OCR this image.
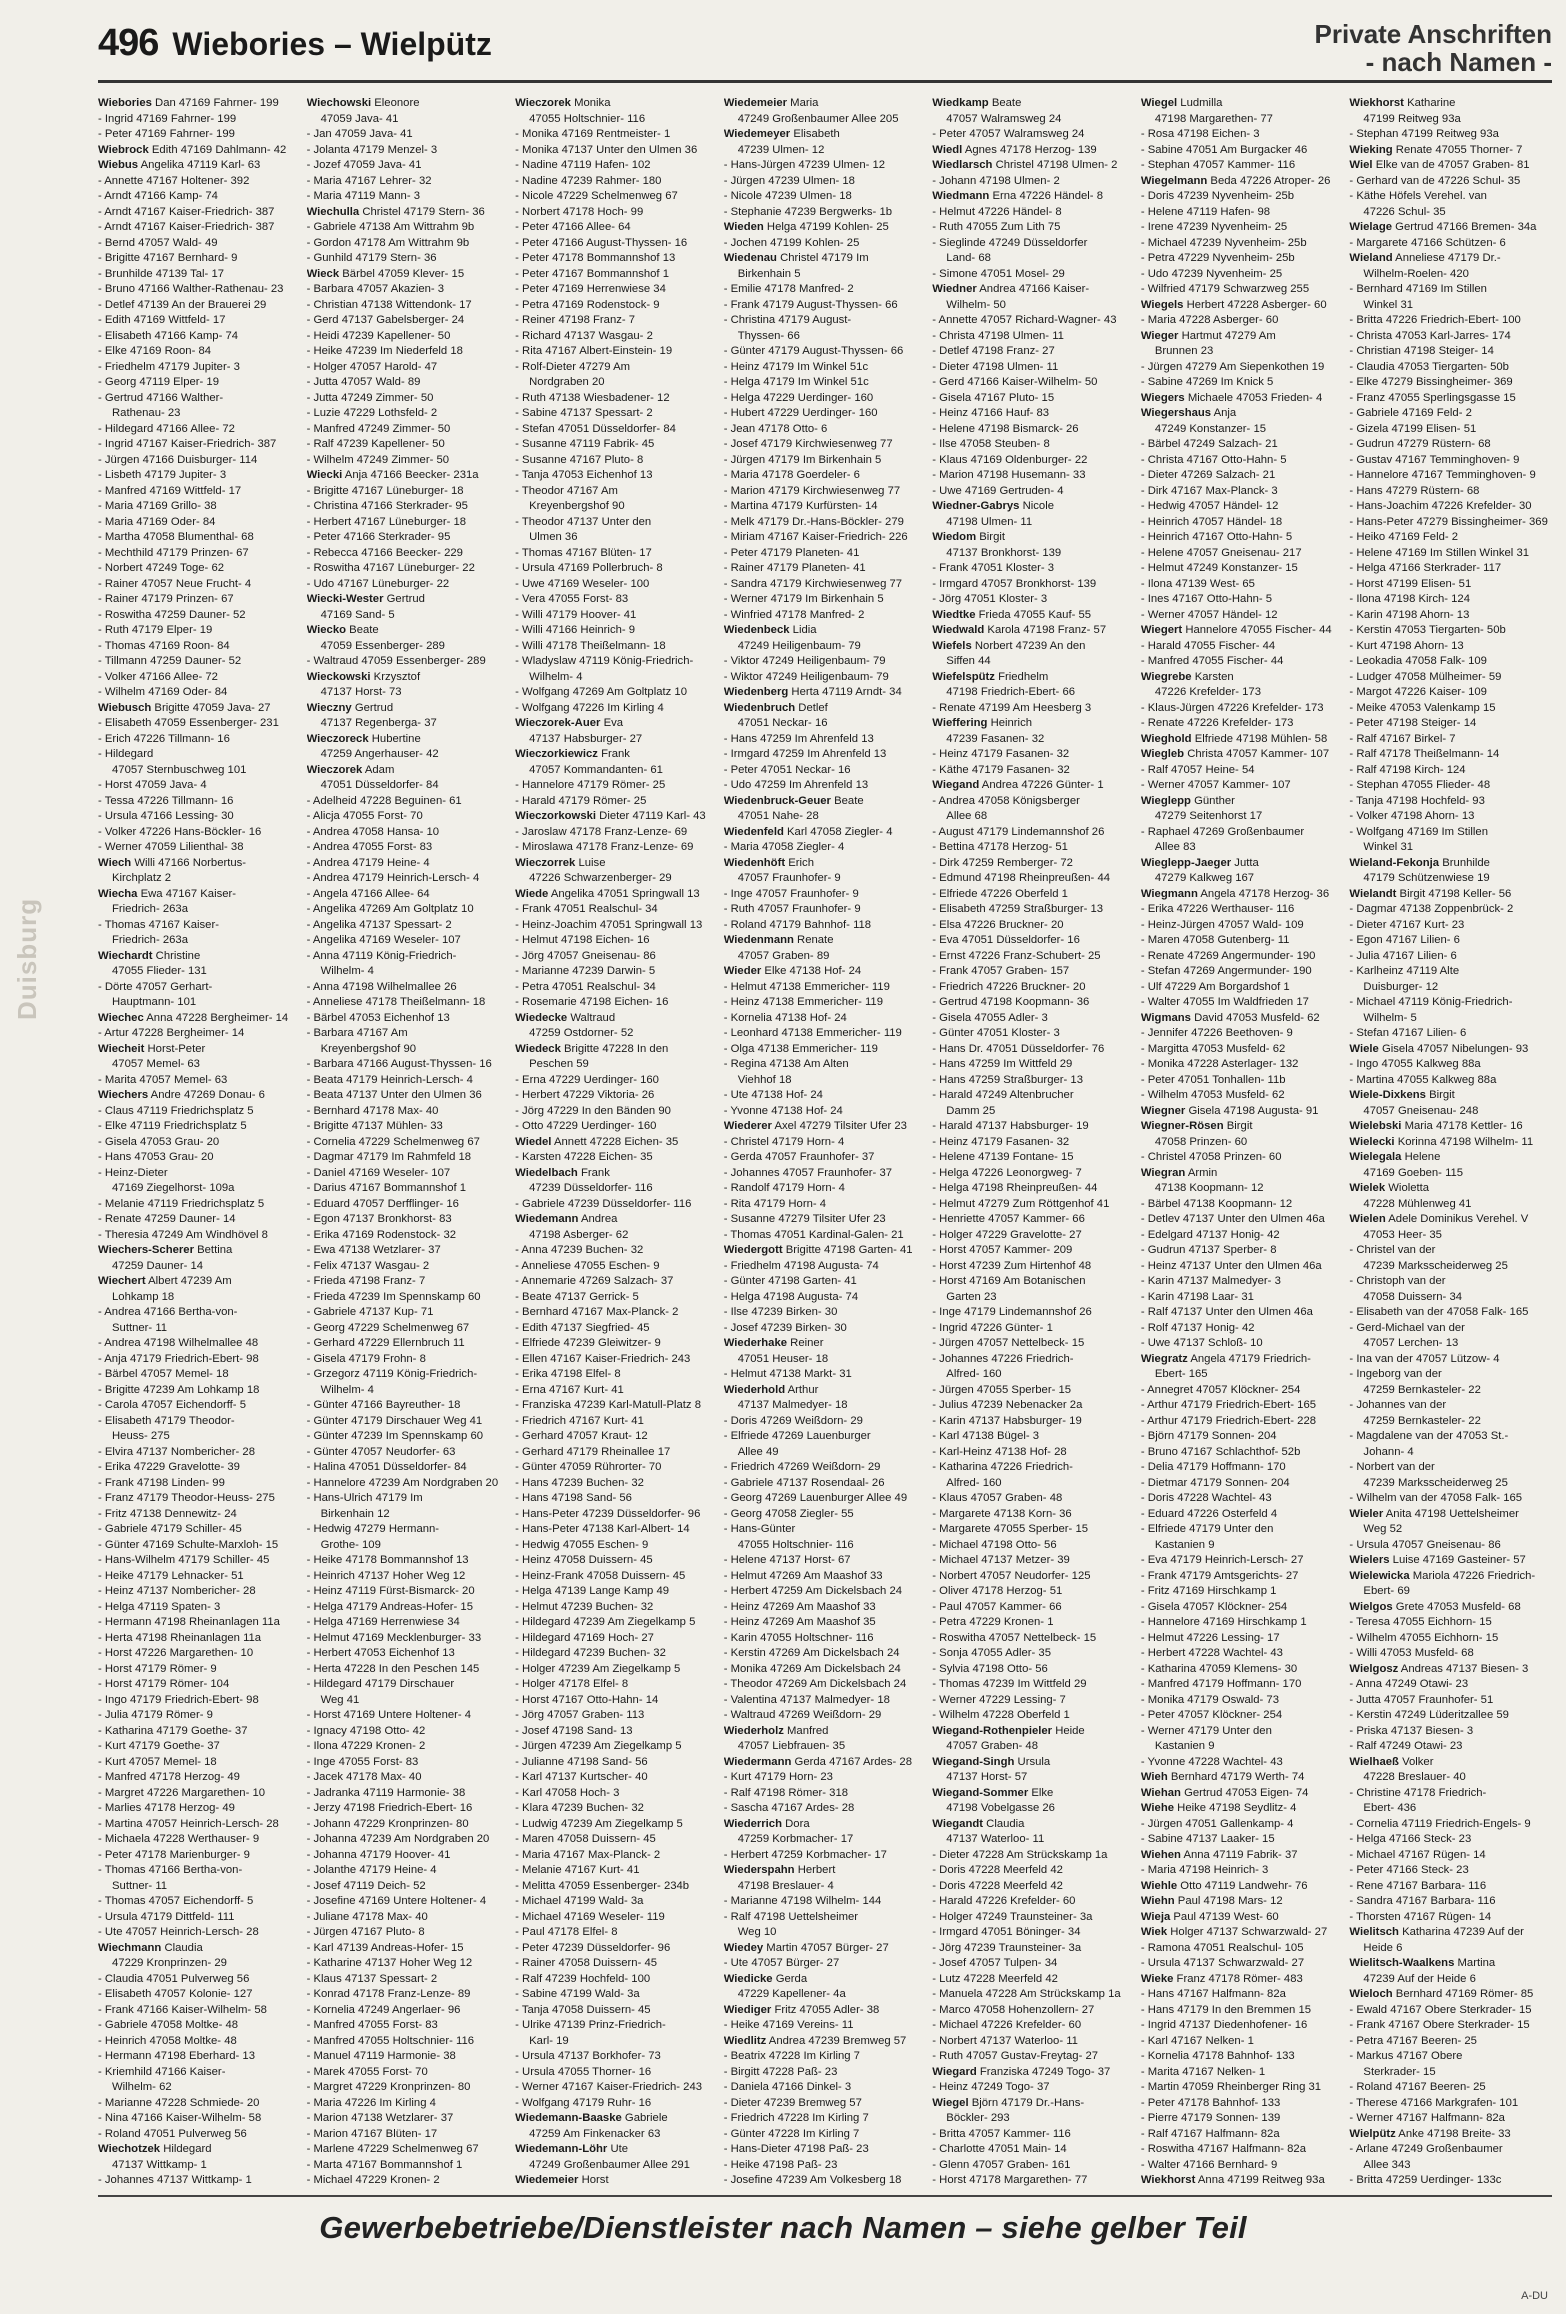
Duisburg
496 Wiebories – Wielpütz	Private Anschriften
- nach Namen -
Wiebories Dan 47169 Fahrner- 199
- Ingrid 47169 Fahrner- 199
- Peter 47169 Fahrner- 199
Wiebrock Edith 47169 Dahlmann- 42
Wiebus Angelika 47119 Karl- 63
- Annette 47167 Holtener- 392
- Arndt 47166 Kamp- 74
- Arndt 47167 Kaiser-Friedrich- 387
- Arndt 47167 Kaiser-Friedrich- 387
- Bernd 47057 Wald- 49
- Brigitte 47167 Bernhard- 9
- Brunhilde 47139 Tal- 17
- Bruno 47166 Walther-Rathenau- 23
- Detlef 47139 An der Brauerei 29
- Edith 47169 Wittfeld- 17
- Elisabeth 47166 Kamp- 74
- Elke 47169 Roon- 84
- Friedhelm 47179 Jupiter- 3
- Georg 47119 Elper- 19
- Gertrud 47166 Walther-
Rathenau- 23
- Hildegard 47166 Allee- 72
- Ingrid 47167 Kaiser-Friedrich- 387
- Jürgen 47166 Duisburger- 114
- Lisbeth 47179 Jupiter- 3
- Manfred 47169 Wittfeld- 17
- Maria 47169 Grillo- 38
- Maria 47169 Oder- 84
- Martha 47058 Blumenthal- 68
- Mechthild 47179 Prinzen- 67
- Norbert 47249 Toge- 62
- Rainer 47057 Neue Frucht- 4
- Rainer 47179 Prinzen- 67
- Roswitha 47259 Dauner- 52
- Ruth 47179 Elper- 19
- Thomas 47169 Roon- 84
- Tillmann 47259 Dauner- 52
- Volker 47166 Allee- 72
- Wilhelm 47169 Oder- 84
Wiebusch Brigitte 47059 Java- 27
- Elisabeth 47059 Essenberger- 231
- Erich 47226 Tillmann- 16
- Hildegard
47057 Sternbuschweg 101
- Horst 47059 Java- 4
- Tessa 47226 Tillmann- 16
- Ursula 47166 Lessing- 30
- Volker 47226 Hans-Böckler- 16
- Werner 47059 Lilienthal- 38
Wiech Willi 47166 Norbertus-
Kirchplatz 2
Wiecha Ewa 47167 Kaiser-
Friedrich- 263a
- Thomas 47167 Kaiser-
Friedrich- 263a
Wiechardt Christine
47055 Flieder- 131
- Dörte 47057 Gerhart-
Hauptmann- 101
Wiechec Anna 47228 Bergheimer- 14
- Artur 47228 Bergheimer- 14
Wiecheit Horst-Peter
47057 Memel- 63
- Marita 47057 Memel- 63
Wiechers Andre 47269 Donau- 6
- Claus 47119 Friedrichsplatz 5
- Elke 47119 Friedrichsplatz 5
- Gisela 47053 Grau- 20
- Hans 47053 Grau- 20
- Heinz-Dieter
47169 Ziegelhorst- 109a
- Melanie 47119 Friedrichsplatz 5
- Renate 47259 Dauner- 14
- Theresia 47249 Am Windhövel 8
Wiechers-Scherer Bettina
47259 Dauner- 14
Wiechert Albert 47239 Am
Lohkamp 18
- Andrea 47166 Bertha-von-
Suttner- 11
- Andrea 47198 Wilhelmallee 48
- Anja 47179 Friedrich-Ebert- 98
- Bärbel 47057 Memel- 18
- Brigitte 47239 Am Lohkamp 18
- Carola 47057 Eichendorff- 5
- Elisabeth 47179 Theodor-
Heuss- 275
- Elvira 47137 Nombericher- 28
- Erika 47229 Gravelotte- 39
- Frank 47198 Linden- 99
- Franz 47179 Theodor-Heuss- 275
- Fritz 47138 Dennewitz- 24
- Gabriele 47179 Schiller- 45
- Günter 47169 Schulte-Marxloh- 15
- Hans-Wilhelm 47179 Schiller- 45
- Heike 47179 Lehnacker- 51
- Heinz 47137 Nombericher- 28
- Helga 47119 Spaten- 3
- Hermann 47198 Rheinanlagen 11a
- Herta 47198 Rheinanlagen 11a
- Horst 47226 Margarethen- 10
- Horst 47179 Römer- 9
- Horst 47179 Römer- 104
- Ingo 47179 Friedrich-Ebert- 98
- Julia 47179 Römer- 9
- Katharina 47179 Goethe- 37
- Kurt 47179 Goethe- 37
- Kurt 47057 Memel- 18
- Manfred 47178 Herzog- 49
- Margret 47226 Margarethen- 10
- Marlies 47178 Herzog- 49
- Martina 47057 Heinrich-Lersch- 28
- Michaela 47228 Werthauser- 9
- Peter 47178 Marienburger- 9
- Thomas 47166 Bertha-von-
Suttner- 11
- Thomas 47057 Eichendorff- 5
- Ursula 47179 Dittfeld- 111
- Ute 47057 Heinrich-Lersch- 28
Wiechmann Claudia
47229 Kronprinzen- 29
- Claudia 47051 Pulverweg 56
- Elisabeth 47057 Kolonie- 127
- Frank 47166 Kaiser-Wilhelm- 58
- Gabriele 47058 Moltke- 48
- Heinrich 47058 Moltke- 48
- Hermann 47198 Eberhard- 13
- Kriemhild 47166 Kaiser-
Wilhelm- 62
- Marianne 47228 Schmiede- 20
- Nina 47166 Kaiser-Wilhelm- 58
- Roland 47051 Pulverweg 56
Wiechotzek Hildegard
47137 Wittkamp- 1
- Johannes 47137 Wittkamp- 1
Wiechowski Eleonore
47059 Java- 41
- Jan 47059 Java- 41
- Jolanta 47179 Menzel- 3
- Jozef 47059 Java- 41
- Maria 47167 Lehrer- 32
- Maria 47119 Mann- 3
Wiechulla Christel 47179 Stern- 36
- Gabriele 47138 Am Wittrahm 9b
- Gordon 47178 Am Wittrahm 9b
- Gunhild 47179 Stern- 36
Wieck Bärbel 47059 Klever- 15
- Barbara 47057 Akazien- 3
- Christian 47138 Wittendonk- 17
- Gerd 47137 Gabelsberger- 24
- Heidi 47239 Kapellener- 50
- Heike 47239 Im Niederfeld 18
- Holger 47057 Harold- 47
- Jutta 47057 Wald- 89
- Jutta 47249 Zimmer- 50
- Luzie 47229 Lothsfeld- 2
- Manfred 47249 Zimmer- 50
- Ralf 47239 Kapellener- 50
- Wilhelm 47249 Zimmer- 50
Wiecki Anja 47166 Beecker- 231a
- Brigitte 47167 Lüneburger- 18
- Christina 47166 Sterkrader- 95
- Herbert 47167 Lüneburger- 18
- Peter 47166 Sterkrader- 95
- Rebecca 47166 Beecker- 229
- Roswitha 47167 Lüneburger- 22
- Udo 47167 Lüneburger- 22
Wiecki-Wester Gertrud
47169 Sand- 5
Wiecko Beate
47059 Essenberger- 289
- Waltraud 47059 Essenberger- 289
Wieckowski Krzysztof
47137 Horst- 73
Wieczny Gertrud
47137 Regenberga- 37
Wieczoreck Hubertine
47259 Angerhauser- 42
Wieczorek Adam
47051 Düsseldorfer- 84
- Adelheid 47228 Beguinen- 61
- Alicja 47055 Forst- 70
- Andrea 47058 Hansa- 10
- Andrea 47055 Forst- 83
- Andrea 47179 Heine- 4
- Andrea 47179 Heinrich-Lersch- 4
- Angela 47166 Allee- 64
- Angelika 47269 Am Goltplatz 10
- Angelika 47137 Spessart- 2
- Angelika 47169 Weseler- 107
- Anna 47119 König-Friedrich-
Wilhelm- 4
- Anna 47198 Wilhelmallee 26
- Anneliese 47178 Theißelmann- 18
- Bärbel 47053 Eichenhof 13
- Barbara 47167 Am
Kreyenbergshof 90
- Barbara 47166 August-Thyssen- 16
- Beata 47179 Heinrich-Lersch- 4
- Beata 47137 Unter den Ulmen 36
- Bernhard 47178 Max- 40
- Brigitte 47137 Mühlen- 33
- Cornelia 47229 Schelmenweg 67
- Dagmar 47179 Im Rahmfeld 18
- Daniel 47169 Weseler- 107
- Darius 47167 Bommannshof 1
- Eduard 47057 Derfflinger- 16
- Egon 47137 Bronkhorst- 83
- Erika 47169 Rodenstock- 32
- Ewa 47138 Wetzlarer- 37
- Felix 47137 Wasgau- 2
- Frieda 47198 Franz- 7
- Frieda 47239 Im Spennskamp 60
- Gabriele 47137 Kup- 71
- Georg 47229 Schelmenweg 67
- Gerhard 47229 Ellernbruch 11
- Gisela 47179 Frohn- 8
- Grzegorz 47119 König-Friedrich-
Wilhelm- 4
- Günter 47166 Bayreuther- 18
- Günter 47179 Dirschauer Weg 41
- Günter 47239 Im Spennskamp 60
- Günter 47057 Neudorfer- 63
- Halina 47051 Düsseldorfer- 84
- Hannelore 47239 Am Nordgraben 20
- Hans-Ulrich 47179 Im
Birkenhain 12
- Hedwig 47279 Hermann-
Grothe- 109
- Heike 47178 Bommannshof 13
- Heinrich 47137 Hoher Weg 12
- Heinz 47119 Fürst-Bismarck- 20
- Helga 47179 Andreas-Hofer- 15
- Helga 47169 Herrenwiese 34
- Helmut 47169 Mecklenburger- 33
- Herbert 47053 Eichenhof 13
- Herta 47228 In den Peschen 145
- Hildegard 47179 Dirschauer
Weg 41
- Horst 47169 Untere Holtener- 4
- Ignacy 47198 Otto- 42
- Ilona 47229 Kronen- 2
- Inge 47055 Forst- 83
- Jacek 47178 Max- 40
- Jadranka 47119 Harmonie- 38
- Jerzy 47198 Friedrich-Ebert- 16
- Johann 47229 Kronprinzen- 80
- Johanna 47239 Am Nordgraben 20
- Johanna 47179 Hoover- 41
- Jolanthe 47179 Heine- 4
- Josef 47119 Deich- 52
- Josefine 47169 Untere Holtener- 4
- Juliane 47178 Max- 40
- Jürgen 47167 Pluto- 8
- Karl 47139 Andreas-Hofer- 15
- Katharine 47137 Hoher Weg 12
- Klaus 47137 Spessart- 2
- Konrad 47178 Franz-Lenze- 89
- Kornelia 47249 Angerlaer- 96
- Manfred 47055 Forst- 83
- Manfred 47055 Holtschnier- 116
- Manuel 47119 Harmonie- 38
- Marek 47055 Forst- 70
- Margret 47229 Kronprinzen- 80
- Maria 47226 Im Kirling 4
- Marion 47138 Wetzlarer- 37
- Marion 47167 Blüten- 17
- Marlene 47229 Schelmenweg 67
- Marta 47167 Bommannshof 1
- Michael 47229 Kronen- 2
Wieczorek Monika
47055 Holtschnier- 116
- Monika 47169 Rentmeister- 1
- Monika 47137 Unter den Ulmen 36
- Nadine 47119 Hafen- 102
- Nadine 47239 Rahmer- 180
- Nicole 47229 Schelmenweg 67
- Norbert 47178 Hoch- 99
- Peter 47166 Allee- 64
- Peter 47166 August-Thyssen- 16
- Peter 47178 Bommannshof 13
- Peter 47167 Bommannshof 1
- Peter 47169 Herrenwiese 34
- Petra 47169 Rodenstock- 9
- Reiner 47198 Franz- 7
- Richard 47137 Wasgau- 2
- Rita 47167 Albert-Einstein- 19
- Rolf-Dieter 47279 Am
Nordgraben 20
- Ruth 47138 Wiesbadener- 12
- Sabine 47137 Spessart- 2
- Stefan 47051 Düsseldorfer- 84
- Susanne 47119 Fabrik- 45
- Susanne 47167 Pluto- 8
- Tanja 47053 Eichenhof 13
- Theodor 47167 Am
Kreyenbergshof 90
- Theodor 47137 Unter den
Ulmen 36
- Thomas 47167 Blüten- 17
- Ursula 47169 Pollerbruch- 8
- Uwe 47169 Weseler- 100
- Vera 47055 Forst- 83
- Willi 47179 Hoover- 41
- Willi 47166 Heinrich- 9
- Willi 47178 Theißelmann- 18
- Wladyslaw 47119 König-Friedrich-
Wilhelm- 4
- Wolfgang 47269 Am Goltplatz 10
- Wolfgang 47226 Im Kirling 4
Wieczorek-Auer Eva
47137 Habsburger- 27
Wieczorkiewicz Frank
47057 Kommandanten- 61
- Hannelore 47179 Römer- 25
- Harald 47179 Römer- 25
Wieczorkowski Dieter 47119 Karl- 43
- Jaroslaw 47178 Franz-Lenze- 69
- Miroslawa 47178 Franz-Lenze- 69
Wieczorrek Luise
47226 Schwarzenberger- 29
Wiede Angelika 47051 Springwall 13
- Frank 47051 Realschul- 34
- Heinz-Joachim 47051 Springwall 13
- Helmut 47198 Eichen- 16
- Jörg 47057 Gneisenau- 86
- Marianne 47239 Darwin- 5
- Petra 47051 Realschul- 34
- Rosemarie 47198 Eichen- 16
Wiedecke Waltraud
47259 Ostdorner- 52
Wiedeck Brigitte 47228 In den
Peschen 59
- Erna 47229 Uerdinger- 160
- Herbert 47229 Viktoria- 26
- Jörg 47229 In den Bänden 90
- Otto 47229 Uerdinger- 160
Wiedel Annett 47228 Eichen- 35
- Karsten 47228 Eichen- 35
Wiedelbach Frank
47239 Düsseldorfer- 116
- Gabriele 47239 Düsseldorfer- 116
Wiedemann Andrea
47198 Asberger- 62
- Anna 47239 Buchen- 32
- Anneliese 47055 Eschen- 9
- Annemarie 47269 Salzach- 37
- Beate 47137 Gerrick- 5
- Bernhard 47167 Max-Planck- 2
- Edith 47137 Siegfried- 45
- Elfriede 47239 Gleiwitzer- 9
- Ellen 47167 Kaiser-Friedrich- 243
- Erika 47198 Elfel- 8
- Erna 47167 Kurt- 41
- Franziska 47239 Karl-Matull-Platz 8
- Friedrich 47167 Kurt- 41
- Gerhard 47057 Kraut- 12
- Gerhard 47179 Rheinallee 17
- Günter 47059 Rührorter- 70
- Hans 47239 Buchen- 32
- Hans 47198 Sand- 56
- Hans-Peter 47239 Düsseldorfer- 96
- Hans-Peter 47138 Karl-Albert- 14
- Hedwig 47055 Eschen- 9
- Heinz 47058 Duissern- 45
- Heinz-Frank 47058 Duissern- 45
- Helga 47139 Lange Kamp 49
- Helmut 47239 Buchen- 32
- Hildegard 47239 Am Ziegelkamp 5
- Hildegard 47169 Hoch- 27
- Hildegard 47239 Buchen- 32
- Holger 47239 Am Ziegelkamp 5
- Holger 47178 Elfel- 8
- Horst 47167 Otto-Hahn- 14
- Jörg 47057 Graben- 113
- Josef 47198 Sand- 13
- Jürgen 47239 Am Ziegelkamp 5
- Julianne 47198 Sand- 56
- Karl 47137 Kurtscher- 40
- Karl 47058 Hoch- 3
- Klara 47239 Buchen- 32
- Ludwig 47239 Am Ziegelkamp 5
- Maren 47058 Duissern- 45
- Maria 47167 Max-Planck- 2
- Melanie 47167 Kurt- 41
- Melitta 47059 Essenberger- 234b
- Michael 47199 Wald- 3a
- Michael 47169 Weseler- 119
- Paul 47178 Elfel- 8
- Peter 47239 Düsseldorfer- 96
- Rainer 47058 Duissern- 45
- Ralf 47239 Hochfeld- 100
- Sabine 47199 Wald- 3a
- Tanja 47058 Duissern- 45
- Ulrike 47139 Prinz-Friedrich-
Karl- 19
- Ursula 47137 Borkhofer- 73
- Ursula 47055 Thorner- 16
- Werner 47167 Kaiser-Friedrich- 243
- Wolfgang 47179 Ruhr- 16
Wiedemann-Baaske Gabriele
47259 Am Finkenacker 63
Wiedemann-Löhr Ute
47249 Großenbaumer Allee 291
Wiedemeier Horst
Wiedemeier Maria
47249 Großenbaumer Allee 205
Wiedemeyer Elisabeth
47239 Ulmen- 12
- Hans-Jürgen 47239 Ulmen- 12
- Jürgen 47239 Ulmen- 18
- Nicole 47239 Ulmen- 18
- Stephanie 47239 Bergwerks- 1b
Wieden Helga 47199 Kohlen- 25
- Jochen 47199 Kohlen- 25
Wiedenau Christel 47179 Im
Birkenhain 5
- Emilie 47178 Manfred- 2
- Frank 47179 August-Thyssen- 66
- Christina 47179 August-
Thyssen- 66
- Günter 47179 August-Thyssen- 66
- Heinz 47179 Im Winkel 51c
- Helga 47179 Im Winkel 51c
- Helga 47229 Uerdinger- 160
- Hubert 47229 Uerdinger- 160
- Jean 47178 Otto- 6
- Josef 47179 Kirchwiesenweg 77
- Jürgen 47179 Im Birkenhain 5
- Maria 47178 Goerdeler- 6
- Marion 47179 Kirchwiesenweg 77
- Martina 47179 Kurfürsten- 14
- Melk 47179 Dr.-Hans-Böckler- 279
- Miriam 47167 Kaiser-Friedrich- 226
- Peter 47179 Planeten- 41
- Rainer 47179 Planeten- 41
- Sandra 47179 Kirchwiesenweg 77
- Werner 47179 Im Birkenhain 5
- Winfried 47178 Manfred- 2
Wiedenbeck Lidia
47249 Heiligenbaum- 79
- Viktor 47249 Heiligenbaum- 79
- Wiktor 47249 Heiligenbaum- 79
Wiedenberg Herta 47119 Arndt- 34
Wiedenbruch Detlef
47051 Neckar- 16
- Hans 47259 Im Ahrenfeld 13
- Irmgard 47259 Im Ahrenfeld 13
- Peter 47051 Neckar- 16
- Udo 47259 Im Ahrenfeld 13
Wiedenbruck-Geuer Beate
47051 Nahe- 28
Wiedenfeld Karl 47058 Ziegler- 4
- Maria 47058 Ziegler- 4
Wiedenhöft Erich
47057 Fraunhofer- 9
- Inge 47057 Fraunhofer- 9
- Ruth 47057 Fraunhofer- 9
- Roland 47179 Bahnhof- 118
Wiedenmann Renate
47057 Graben- 89
Wieder Elke 47138 Hof- 24
- Helmut 47138 Emmericher- 119
- Heinz 47138 Emmericher- 119
- Kornelia 47138 Hof- 24
- Leonhard 47138 Emmericher- 119
- Olga 47138 Emmericher- 119
- Regina 47138 Am Alten
Viehhof 18
- Ute 47138 Hof- 24
- Yvonne 47138 Hof- 24
Wiederer Axel 47279 Tilsiter Ufer 23
- Christel 47179 Horn- 4
- Gerda 47057 Fraunhofer- 37
- Johannes 47057 Fraunhofer- 37
- Randolf 47179 Horn- 4
- Rita 47179 Horn- 4
- Susanne 47279 Tilsiter Ufer 23
- Thomas 47051 Kardinal-Galen- 21
Wiedergott Brigitte 47198 Garten- 41
- Friedhelm 47198 Augusta- 74
- Günter 47198 Garten- 41
- Helga 47198 Augusta- 74
- Ilse 47239 Birken- 30
- Josef 47239 Birken- 30
Wiederhake Reiner
47051 Heuser- 18
- Helmut 47138 Markt- 31
Wiederhold Arthur
47137 Malmedyer- 18
- Doris 47269 Weißdorn- 29
- Elfriede 47269 Lauenburger
Allee 49
- Friedrich 47269 Weißdorn- 29
- Gabriele 47137 Rosendaal- 26
- Georg 47269 Lauenburger Allee 49
- Georg 47058 Ziegler- 55
- Hans-Günter
47055 Holtschnier- 116
- Helene 47137 Horst- 67
- Helmut 47269 Am Maashof 33
- Herbert 47259 Am Dickelsbach 24
- Heinz 47269 Am Maashof 33
- Heinz 47269 Am Maashof 35
- Karin 47055 Holtschner- 116
- Kerstin 47269 Am Dickelsbach 24
- Monika 47269 Am Dickelsbach 24
- Theodor 47269 Am Dickelsbach 24
- Valentina 47137 Malmedyer- 18
- Waltraud 47269 Weißdorn- 29
Wiederholz Manfred
47057 Liebfrauen- 35
Wiedermann Gerda 47167 Ardes- 28
- Kurt 47179 Horn- 23
- Ralf 47198 Römer- 318
- Sascha 47167 Ardes- 28
Wiederrich Dora
47259 Korbmacher- 17
- Herbert 47259 Korbmacher- 17
Wiederspahn Herbert
47198 Breslauer- 4
- Marianne 47198 Wilhelm- 144
- Ralf 47198 Uettelsheimer
Weg 10
Wiedey Martin 47057 Bürger- 27
- Ute 47057 Bürger- 27
Wiedicke Gerda
47229 Kapellener- 4a
Wiediger Fritz 47055 Adler- 38
- Heike 47169 Vereins- 11
Wiedlitz Andrea 47239 Bremweg 57
- Beatrix 47228 Im Kirling 7
- Birgitt 47228 Paß- 23
- Daniela 47166 Dinkel- 3
- Dieter 47239 Bremweg 57
- Friedrich 47228 Im Kirling 7
- Günter 47228 Im Kirling 7
- Hans-Dieter 47198 Paß- 23
- Heike 47198 Paß- 23
- Josefine 47239 Am Volkesberg 18
Wiedkamp Beate
47057 Walramsweg 24
- Peter 47057 Walramsweg 24
Wiedl Agnes 47178 Herzog- 139
Wiedlarsch Christel 47198 Ulmen- 2
- Johann 47198 Ulmen- 2
Wiedmann Erna 47226 Händel- 8
- Helmut 47226 Händel- 8
- Ruth 47055 Zum Lith 75
- Sieglinde 47249 Düsseldorfer
Land- 68
- Simone 47051 Mosel- 29
Wiedner Andrea 47166 Kaiser-
Wilhelm- 50
- Annette 47057 Richard-Wagner- 43
- Christa 47198 Ulmen- 11
- Detlef 47198 Franz- 27
- Dieter 47198 Ulmen- 11
- Gerd 47166 Kaiser-Wilhelm- 50
- Gisela 47167 Pluto- 15
- Heinz 47166 Hauf- 83
- Helene 47198 Bismarck- 26
- Ilse 47058 Steuben- 8
- Klaus 47169 Oldenburger- 22
- Marion 47198 Husemann- 33
- Uwe 47169 Gertruden- 4
Wiedner-Gabrys Nicole
47198 Ulmen- 11
Wiedom Birgit
47137 Bronkhorst- 139
- Frank 47051 Kloster- 3
- Irmgard 47057 Bronkhorst- 139
- Jörg 47051 Kloster- 3
Wiedtke Frieda 47055 Kauf- 55
Wiedwald Karola 47198 Franz- 57
Wiefels Norbert 47239 An den
Siffen 44
Wiefelspütz Friedhelm
47198 Friedrich-Ebert- 66
- Renate 47199 Am Heesberg 3
Wieffering Heinrich
47239 Fasanen- 32
- Heinz 47179 Fasanen- 32
- Käthe 47179 Fasanen- 32
Wiegand Andrea 47226 Günter- 1
- Andrea 47058 Königsberger
Allee 68
- August 47179 Lindemannshof 26
- Bettina 47178 Herzog- 51
- Dirk 47259 Remberger- 72
- Edmund 47198 Rheinpreußen- 44
- Elfriede 47226 Oberfeld 1
- Elisabeth 47259 Straßburger- 13
- Elsa 47226 Bruckner- 20
- Eva 47051 Düsseldorfer- 16
- Ernst 47226 Franz-Schubert- 25
- Frank 47057 Graben- 157
- Friedrich 47226 Bruckner- 20
- Gertrud 47198 Koopmann- 36
- Gisela 47055 Adler- 3
- Günter 47051 Kloster- 3
- Hans Dr. 47051 Düsseldorfer- 76
- Hans 47259 Im Wittfeld 29
- Hans 47259 Straßburger- 13
- Harald 47249 Altenbrucher
Damm 25
- Harald 47137 Habsburger- 19
- Heinz 47179 Fasanen- 32
- Helene 47139 Fontane- 15
- Helga 47226 Leonorgweg- 7
- Helga 47198 Rheinpreußen- 44
- Helmut 47279 Zum Röttgenhof 41
- Henriette 47057 Kammer- 66
- Holger 47229 Gravelotte- 27
- Horst 47057 Kammer- 209
- Horst 47239 Zum Hirtenhof 48
- Horst 47169 Am Botanischen
Garten 23
- Inge 47179 Lindemannshof 26
- Ingrid 47226 Günter- 1
- Jürgen 47057 Nettelbeck- 15
- Johannes 47226 Friedrich-
Alfred- 160
- Jürgen 47055 Sperber- 15
- Julius 47239 Nebenacker 2a
- Karin 47137 Habsburger- 19
- Karl 47138 Bügel- 3
- Karl-Heinz 47138 Hof- 28
- Katharina 47226 Friedrich-
Alfred- 160
- Klaus 47057 Graben- 48
- Margarete 47138 Korn- 36
- Margarete 47055 Sperber- 15
- Michael 47198 Otto- 56
- Michael 47137 Metzer- 39
- Norbert 47057 Neudorfer- 125
- Oliver 47178 Herzog- 51
- Paul 47057 Kammer- 66
- Petra 47229 Kronen- 1
- Roswitha 47057 Nettelbeck- 15
- Sonja 47055 Adler- 35
- Sylvia 47198 Otto- 56
- Thomas 47239 Im Wittfeld 29
- Werner 47229 Lessing- 7
- Wilhelm 47228 Oberfeld 1
Wiegand-Rothenpieler Heide
47057 Graben- 48
Wiegand-Singh Ursula
47137 Horst- 57
Wiegand-Sommer Elke
47198 Vobelgasse 26
Wiegandt Claudia
47137 Waterloo- 11
- Dieter 47228 Am Strückskamp 1a
- Doris 47228 Meerfeld 42
- Doris 47228 Meerfeld 42
- Harald 47226 Krefelder- 60
- Holger 47249 Traunsteiner- 3a
- Irmgard 47051 Böninger- 34
- Jörg 47239 Traunsteiner- 3a
- Josef 47057 Tulpen- 34
- Lutz 47228 Meerfeld 42
- Manuela 47228 Am Strückskamp 1a
- Marco 47058 Hohenzollern- 27
- Michael 47226 Krefelder- 60
- Norbert 47137 Waterloo- 11
- Ruth 47057 Gustav-Freytag- 27
Wiegard Franziska 47249 Togo- 37
- Heinz 47249 Togo- 37
Wiegel Björn 47179 Dr.-Hans-
Böckler- 293
- Britta 47057 Kammer- 116
- Charlotte 47051 Main- 14
- Glenn 47057 Graben- 161
- Horst 47178 Margarethen- 77
Wiegel Ludmilla
47198 Margarethen- 77
- Rosa 47198 Eichen- 3
- Sabine 47051 Am Burgacker 46
- Stephan 47057 Kammer- 116
Wiegelmann Beda 47226 Atroper- 26
- Doris 47239 Nyvenheim- 25b
- Helene 47119 Hafen- 98
- Irene 47239 Nyvenheim- 25
- Michael 47239 Nyvenheim- 25b
- Petra 47229 Nyvenheim- 25b
- Udo 47239 Nyvenheim- 25
- Wilfried 47179 Schwarzweg 255
Wiegels Herbert 47228 Asberger- 60
- Maria 47228 Asberger- 60
Wieger Hartmut 47279 Am
Brunnen 23
- Jürgen 47279 Am Siepenkothen 19
- Sabine 47269 Im Knick 5
Wiegers Michaele 47053 Frieden- 4
Wiegershaus Anja
47249 Konstanzer- 15
- Bärbel 47249 Salzach- 21
- Christa 47167 Otto-Hahn- 5
- Dieter 47269 Salzach- 21
- Dirk 47167 Max-Planck- 3
- Hedwig 47057 Händel- 12
- Heinrich 47057 Händel- 18
- Heinrich 47167 Otto-Hahn- 5
- Helene 47057 Gneisenau- 217
- Helmut 47249 Konstanzer- 15
- Ilona 47139 West- 65
- Ines 47167 Otto-Hahn- 5
- Werner 47057 Händel- 12
Wiegert Hannelore 47055 Fischer- 44
- Harald 47055 Fischer- 44
- Manfred 47055 Fischer- 44
Wiegrebe Karsten
47226 Krefelder- 173
- Klaus-Jürgen 47226 Krefelder- 173
- Renate 47226 Krefelder- 173
Wieghold Elfriede 47198 Mühlen- 58
Wiegleb Christa 47057 Kammer- 107
- Ralf 47057 Heine- 54
- Werner 47057 Kammer- 107
Wieglepp Günther
47279 Seitenhorst 17
- Raphael 47269 Großenbaumer
Allee 83
Wieglepp-Jaeger Jutta
47279 Kalkweg 167
Wiegmann Angela 47178 Herzog- 36
- Erika 47226 Werthauser- 116
- Heinz-Jürgen 47057 Wald- 109
- Maren 47058 Gutenberg- 11
- Renate 47269 Angermunder- 190
- Stefan 47269 Angermunder- 190
- Ulf 47229 Am Borgardshof 1
- Walter 47055 Im Waldfrieden 17
Wigmans David 47053 Musfeld- 62
- Jennifer 47226 Beethoven- 9
- Margitta 47053 Musfeld- 62
- Monika 47228 Asterlager- 132
- Peter 47051 Tonhallen- 11b
- Wilhelm 47053 Musfeld- 62
Wiegner Gisela 47198 Augusta- 91
Wiegner-Rösen Birgit
47058 Prinzen- 60
- Christel 47058 Prinzen- 60
Wiegran Armin
47138 Koopmann- 12
- Bärbel 47138 Koopmann- 12
- Detlev 47137 Unter den Ulmen 46a
- Edelgard 47137 Honig- 42
- Gudrun 47137 Sperber- 8
- Heinz 47137 Unter den Ulmen 46a
- Karin 47137 Malmedyer- 3
- Karin 47198 Laar- 31
- Ralf 47137 Unter den Ulmen 46a
- Rolf 47137 Honig- 42
- Uwe 47137 Schloß- 10
Wiegratz Angela 47179 Friedrich-
Ebert- 165
- Annegret 47057 Klöckner- 254
- Arthur 47179 Friedrich-Ebert- 165
- Arthur 47179 Friedrich-Ebert- 228
- Björn 47179 Sonnen- 204
- Bruno 47167 Schlachthof- 52b
- Delia 47179 Hoffmann- 170
- Dietmar 47179 Sonnen- 204
- Doris 47228 Wachtel- 43
- Eduard 47226 Osterfeld 4
- Elfriede 47179 Unter den
Kastanien 9
- Eva 47179 Heinrich-Lersch- 27
- Frank 47179 Amtsgerichts- 27
- Fritz 47169 Hirschkamp 1
- Gisela 47057 Klöckner- 254
- Hannelore 47169 Hirschkamp 1
- Helmut 47226 Lessing- 17
- Herbert 47228 Wachtel- 43
- Katharina 47059 Klemens- 30
- Manfred 47179 Hoffmann- 170
- Monika 47179 Oswald- 73
- Peter 47057 Klöckner- 254
- Werner 47179 Unter den
Kastanien 9
- Yvonne 47228 Wachtel- 43
Wieh Bernhard 47179 Werth- 74
Wiehan Gertrud 47053 Eigen- 74
Wiehe Heike 47198 Seydlitz- 4
- Jürgen 47051 Gallenkamp- 4
- Sabine 47137 Laaker- 15
Wiehen Anna 47119 Fabrik- 37
- Maria 47198 Heinrich- 3
Wiehle Otto 47119 Landwehr- 76
Wiehn Paul 47198 Mars- 12
Wieja Paul 47139 West- 60
Wiek Holger 47137 Schwarzwald- 27
- Ramona 47051 Realschul- 105
- Ursula 47137 Schwarzwald- 27
Wieke Franz 47178 Römer- 483
- Hans 47167 Halfmann- 82a
- Hans 47179 In den Bremmen 15
- Ingrid 47137 Diedenhofener- 16
- Karl 47167 Nelken- 1
- Kornelia 47178 Bahnhof- 133
- Marita 47167 Nelken- 1
- Martin 47059 Rheinberger Ring 31
- Peter 47178 Bahnhof- 133
- Pierre 47179 Sonnen- 139
- Ralf 47167 Halfmann- 82a
- Roswitha 47167 Halfmann- 82a
- Walter 47166 Bernhard- 9
Wiekhorst Anna 47199 Reitweg 93a
Wiekhorst Katharine
47199 Reitweg 93a
- Stephan 47199 Reitweg 93a
Wieking Renate 47055 Thorner- 7
Wiel Elke van de 47057 Graben- 81
- Gerhard van de 47226 Schul- 35
- Käthe Höfels Verehel. van
47226 Schul- 35
Wielage Gertrud 47166 Bremen- 34a
- Margarete 47166 Schützen- 6
Wieland Anneliese 47179 Dr.-
Wilhelm-Roelen- 420
- Bernhard 47169 Im Stillen
Winkel 31
- Britta 47226 Friedrich-Ebert- 100
- Christa 47053 Karl-Jarres- 174
- Christian 47198 Steiger- 14
- Claudia 47053 Tiergarten- 50b
- Elke 47279 Bissingheimer- 369
- Franz 47055 Sperlingsgasse 15
- Gabriele 47169 Feld- 2
- Gizela 47199 Elisen- 51
- Gudrun 47279 Rüstern- 68
- Gustav 47167 Temminghoven- 9
- Hannelore 47167 Temminghoven- 9
- Hans 47279 Rüstern- 68
- Hans-Joachim 47226 Krefelder- 30
- Hans-Peter 47279 Bissingheimer- 369
- Heiko 47169 Feld- 2
- Helene 47169 Im Stillen Winkel 31
- Helga 47166 Sterkrader- 117
- Horst 47199 Elisen- 51
- Ilona 47198 Kirch- 124
- Karin 47198 Ahorn- 13
- Kerstin 47053 Tiergarten- 50b
- Kurt 47198 Ahorn- 13
- Leokadia 47058 Falk- 109
- Ludger 47058 Mülheimer- 59
- Margot 47226 Kaiser- 109
- Meike 47053 Valenkamp 15
- Peter 47198 Steiger- 14
- Ralf 47167 Birkel- 7
- Ralf 47178 Theißelmann- 14
- Ralf 47198 Kirch- 124
- Stephan 47055 Flieder- 48
- Tanja 47198 Hochfeld- 93
- Volker 47198 Ahorn- 13
- Wolfgang 47169 Im Stillen
Winkel 31
Wieland-Fekonja Brunhilde
47179 Schützenwiese 19
Wielandt Birgit 47198 Keller- 56
- Dagmar 47138 Zoppenbrück- 2
- Dieter 47167 Kurt- 23
- Egon 47167 Lilien- 6
- Julia 47167 Lilien- 6
- Karlheinz 47119 Alte
Duisburger- 12
- Michael 47119 König-Friedrich-
Wilhelm- 5
- Stefan 47167 Lilien- 6
Wiele Gisela 47057 Nibelungen- 93
- Ingo 47055 Kalkweg 88a
- Martina 47055 Kalkweg 88a
Wiele-Dixkens Birgit
47057 Gneisenau- 248
Wielebski Maria 47178 Kettler- 16
Wielecki Korinna 47198 Wilhelm- 11
Wielegala Helene
47169 Goeben- 115
Wielek Wioletta
47228 Mühlenweg 41
Wielen Adele Dominikus Verehel. V
47053 Heer- 35
- Christel van der
47239 Marksscheiderweg 25
- Christoph van der
47058 Duissern- 34
- Elisabeth van der 47058 Falk- 165
- Gerd-Michael van der
47057 Lerchen- 13
- Ina van der 47057 Lützow- 4
- Ingeborg van der
47259 Bernkasteler- 22
- Johannes van der
47259 Bernkasteler- 22
- Magdalene van der 47053 St.-
Johann- 4
- Norbert van der
47239 Marksscheiderweg 25
- Wilhelm van der 47058 Falk- 165
Wieler Anita 47198 Uettelsheimer
Weg 52
- Ursula 47057 Gneisenau- 86
Wielers Luise 47169 Gasteiner- 57
Wielewicka Mariola 47226 Friedrich-
Ebert- 69
Wielgos Grete 47053 Musfeld- 68
- Teresa 47055 Eichhorn- 15
- Wilhelm 47055 Eichhorn- 15
- Willi 47053 Musfeld- 68
Wielgosz Andreas 47137 Biesen- 3
- Anna 47249 Otawi- 23
- Jutta 47057 Fraunhofer- 51
- Kerstin 47249 Lüderitzallee 59
- Priska 47137 Biesen- 3
- Ralf 47249 Otawi- 23
Wielhaeß Volker
47228 Breslauer- 40
- Christine 47178 Friedrich-
Ebert- 436
- Cornelia 47119 Friedrich-Engels- 9
- Helga 47166 Steck- 23
- Michael 47167 Rügen- 14
- Peter 47166 Steck- 23
- Rene 47167 Barbara- 116
- Sandra 47167 Barbara- 116
- Thorsten 47167 Rügen- 14
Wielitsch Katharina 47239 Auf der
Heide 6
Wielitsch-Waalkens Martina
47239 Auf der Heide 6
Wieloch Bernhard 47169 Römer- 85
- Ewald 47167 Obere Sterkrader- 15
- Frank 47167 Obere Sterkrader- 15
- Petra 47167 Beeren- 25
- Markus 47167 Obere
Sterkrader- 15
- Roland 47167 Beeren- 25
- Therese 47166 Markgrafen- 101
- Werner 47167 Halfmann- 82a
Wielpütz Anke 47198 Breite- 33
- Arlane 47249 Großenbaumer
Allee 343
- Britta 47259 Uerdinger- 133c
Gewerbebetriebe/Dienstleister nach Namen – siehe gelber Teil
A-DU
